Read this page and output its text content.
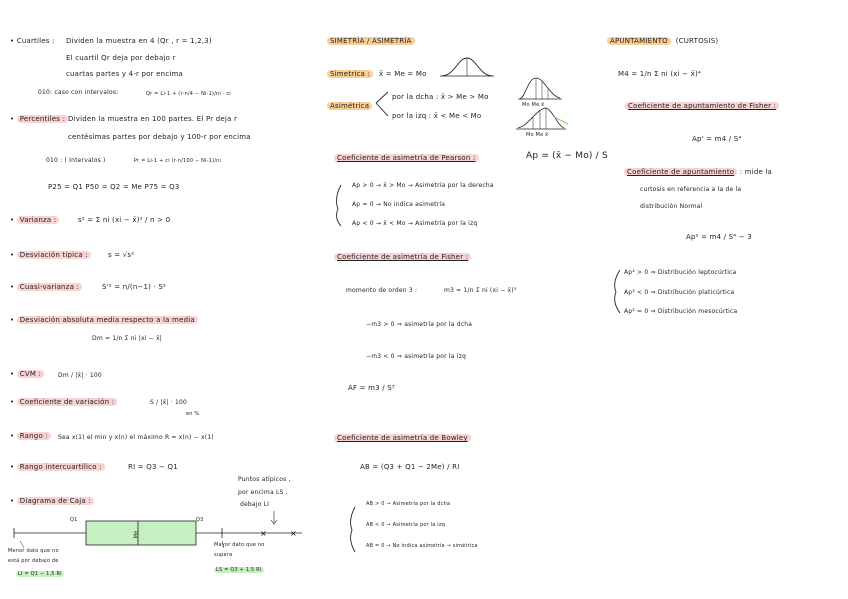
• Cuartiles : Dividen la muestra en 4 (Qr , r = 1,2,3)
El cuartil Qr deja por debajo r
cuartas partes y 4-r por encima
010: caso con intervalos:	Qr = Li-1 + (r·n/4 − Ni-1)/ni · ci
• Percentiles : Dividen la muestra en 100 partes. El Pr deja r
centésimas partes por debajo y 100-r por encima
010 : ( Intervalos )	Pr = Li-1 + ci (r·n/100 − Ni-1)/ni
P25 = Q1 P50 = Q2 = Me P75 = Q3
• Varianza :	s² = Σ ni (xi − x̄)² / n > 0
• Desviación típica :	s = √s²
• Cuasi-varianza :	S'² = n/(n−1) · S²
• Desviación absoluta media respecto a la media
Dm = 1/n Σ ni |xi − x̄|
• CVM :	Dm / |x̄| · 100
• Coeficiente de variación :	S / |x̄| · 100
en %
• Rango :	Sea x(1) el min y x(n) el máximo R = x(n) − x(1)
• Rango intercuartílico :	RI = Q3 − Q1
• Diagrama de Caja :
Puntos atípicos ,
por encima LS ,
debajo LI
Q1	Q3
×	×
Me
Menor dato que no
está por debajo de
LI = Q1 − 1,5 RI
Mayor dato que no
supera
LS = Q3 + 1,5 RI
SIMETRÍA / ASIMETRÍA
Simetrica :	x̄ = Me = Mo
Asimétrica
por la dcha : x̄ > Me > Mo
por la izq : x̄ < Me < Mo
Mo Me x̄
Mo Me x̄
Coeficiente de asimetría de Pearson :	Ap = (x̄ − Mo) / S
Ap > 0 → x̄ > Mo → Asimetría por la derecha
Ap = 0 → No indica asimetría
Ap < 0 → x̄ < Mo → Asimetría por la izq
Coeficiente de asimetría de Fisher :
momento de orden 3 :	m3 = 1/n Σ ni (xi − x̄)³
−m3 > 0 ⇒ asimetría por la dcha
−m3 < 0 ⇒ asimetría por la izq
AF = m3 / S³
Coeficiente de asimetría de Bowley
AB = (Q3 + Q1 − 2Me) / RI
AB > 0 → Asimetría por la dcha
AB < 0 → Asimetría por la izq
AB = 0 → No indica asimetría → simétrica
APUNTAMIENTO (CURTOSIS)
M4 = 1/n Σ ni (xi − x̄)⁴
Coeficiente de apuntamiento de Fisher :
Ap' = m4 / S⁴
Coeficiente de apuntamiento : mide la
curtosis en referencia a la de la
distribución Normal
Ap² = m4 / S⁴ − 3
Ap² > 0 ⇒ Distribución leptocúrtica
Ap² < 0 ⇒ Distribución platicúrtica
Ap² = 0 ⇒ Distribución mesocúrtica
